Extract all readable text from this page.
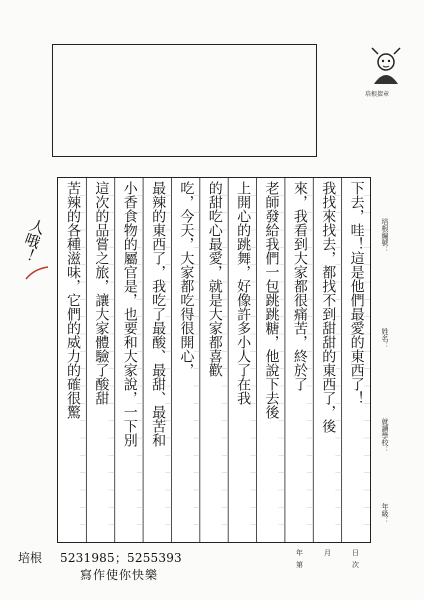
培根摺章
人哦！	下去，哇！這是他們最愛的東西了！
我找來找去，都找不到甜甜的東西了，後
來，我看到大家都很痛苦，終於了
老師發給我們一包跳跳糖，他說下去後
上開心的跳舞，好像許多小人了在我
的甜吃心最愛，就是大家都喜歡
吃，今天，大家都吃得很開心，
最辣的東西了，我吃了最酸、最甜、最苦和
小香食物的屬官是，也要和大家說，一下別
這次的品嘗之旅，讓大家體驗了酸甜
苦辣的各種滋味，它們的威力的確很驚	培根編號：
姓名：
就讀學校：
年級：
培根 5231985；5255393
寫作使你快樂
年	月	日
第	次
